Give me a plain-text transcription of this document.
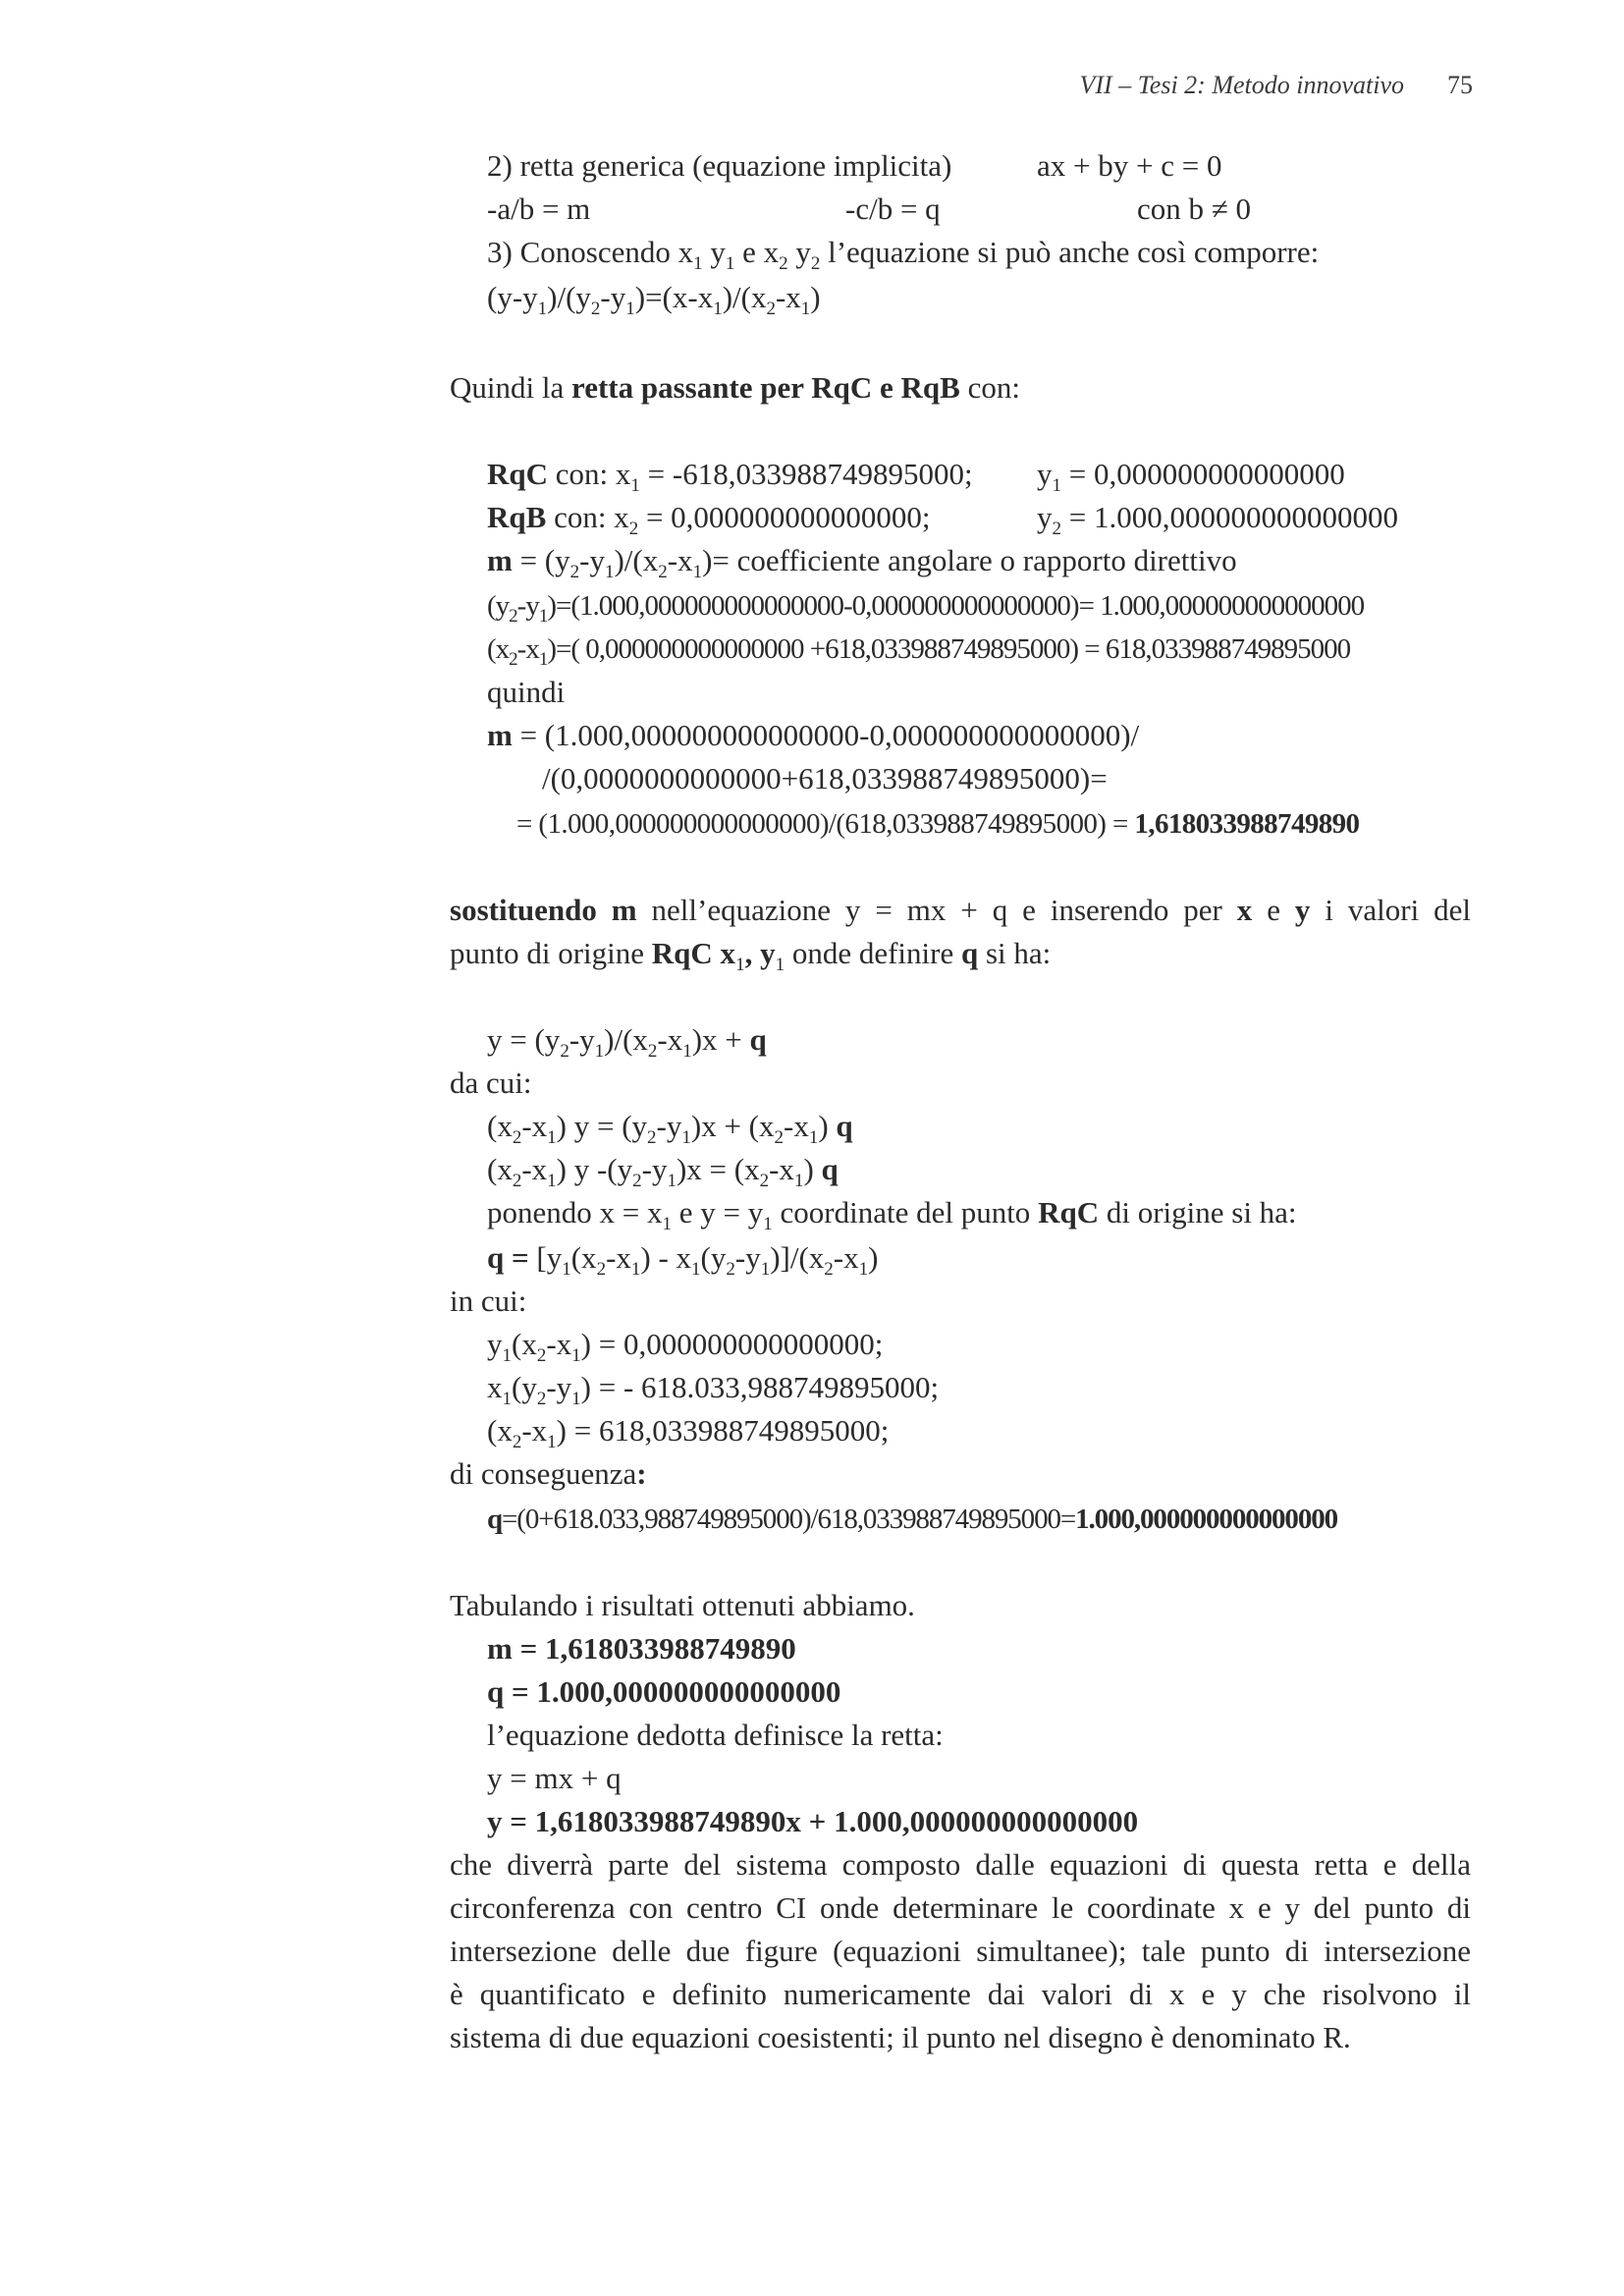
VII – Tesi 2: Metodo innovativo 75
2) retta generica (equazione implicita)	ax + by + c = 0
-a/b = m	-c/b = q	con b ≠ 0
3) Conoscendo $x_1$ $y_1$ e $x_2$ $y_2$ l’equazione si può anche così comporre:
$(y-y_1)/(y_2-y_1)=(x-x_1)/(x_2-x_1)$
Quindi la retta passante per RqC e RqB con:
RqC con: $x_1 = -618,033988749895000$; $y_1 = 0,000000000000000$
RqB con: $x_2 = 0,000000000000000$;	$y_2 = 1.000,000000000000000$
$m = (y_2-y_1)/(x_2-x_1)=$ coefficiente angolare o rapporto direttivo
$(y_2-y_1)=(1.000,000000000000000-0,000000000000000)= 1.000,000000000000000$
$(x_2-x_1)=$( 0,000000000000000 +618,033988749895000) = 618,033988749895000
quindi
m = (1.000,000000000000000-0,000000000000000)/
/(0,0000000000000+618,033988749895000)=
= (1.000,000000000000000)/(618,033988749895000) = 1,618033988749890
sostituendo m nell’equazione y = mx + q e inserendo per x e y i valori del
punto di origine RqC $x_1$, $y_1$ onde definire q si ha:
$y = (y_2-y_1)/(x_2-x_1)x + q$
da cui:
$(x_2-x_1) y = (y_2-y_1)x + (x_2-x_1)$ q
$(x_2-x_1)$ y $-(y_2-y_1)x = (x_2-x_1)$ q
ponendo $x = x_1$ e $y = y_1$ coordinate del punto RqC di origine si ha:
$q = [y_1(x_2-x_1) - x_1(y_2-y_1)]/(x_2-x_1)$
in cui:
$y_1(x_2-x_1) = 0,000000000000000$;
$x_1(y_2-y_1)$ = - 618.033,988749895000;
$(x_2-x_1) = 618,033988749895000$;
di conseguenza:
q=(0+618.033,988749895000)/618,033988749895000=1.000,000000000000000
Tabulando i risultati ottenuti abbiamo.
m = 1,618033988749890
q = 1.000,000000000000000
l’equazione dedotta definisce la retta:
y = mx + q
y = 1,618033988749890x + 1.000,000000000000000
che diverrà parte del sistema composto dalle equazioni di questa retta e della
circonferenza con centro CI onde determinare le coordinate x e y del punto di
intersezione delle due figure (equazioni simultanee); tale punto di intersezione
è quantificato e definito numericamente dai valori di x e y che risolvono il
sistema di due equazioni coesistenti; il punto nel disegno è denominato R.
